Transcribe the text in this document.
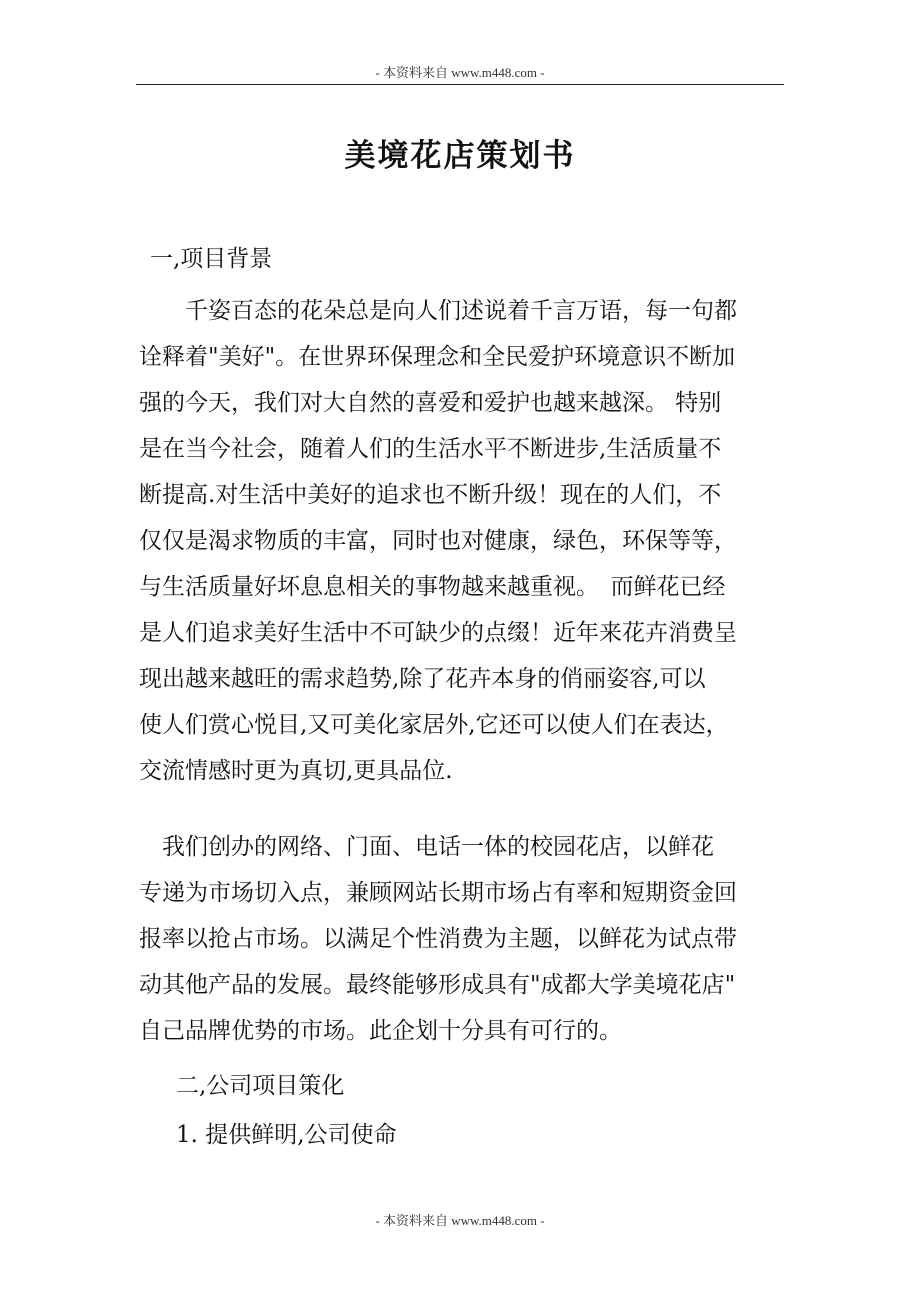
- 本资料来自 www.m448.com -
美境花店策划书
一,项目背景
　　千姿百态的花朵总是向人们述说着千言万语，每一句都
诠释着"美好"。在世界环保理念和全民爱护环境意识不断加
强的今天，我们对大自然的喜爱和爱护也越来越深。 特别
是在当今社会，随着人们的生活水平不断进步,生活质量不
断提高.对生活中美好的追求也不断升级！现在的人们，不
仅仅是渴求物质的丰富，同时也对健康，绿色，环保等等，
与生活质量好坏息息相关的事物越来越重视。　而鲜花已经
是人们追求美好生活中不可缺少的点缀！近年来花卉消费呈
现出越来越旺的需求趋势,除了花卉本身的俏丽姿容,可以
使人们赏心悦目,又可美化家居外,它还可以使人们在表达，
交流情感时更为真切,更具品位.
　我们创办的网络、门面、电话一体的校园花店，以鲜花
专递为市场切入点，兼顾网站长期市场占有率和短期资金回
报率以抢占市场。以满足个性消费为主题，以鲜花为试点带
动其他产品的发展。最终能够形成具有"成都大学美境花店"
自己品牌优势的市场。此企划十分具有可行的。
二,公司项目策化
1. 提供鲜明,公司使命
- 本资料来自 www.m448.com -
